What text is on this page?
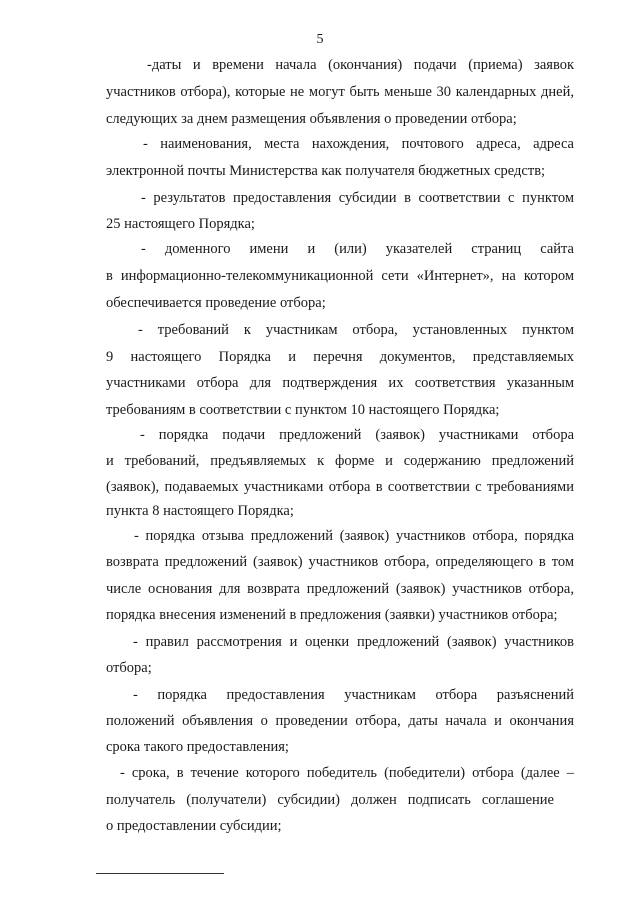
5
-даты и времени начала (окончания) подачи (приема) заявок
участников отбора), которые не могут быть меньше 30 календарных дней,
следующих за днем размещения объявления о проведении отбора;
- наименования, места нахождения, почтового адреса, адреса
электронной почты Министерства как получателя бюджетных средств;
- результатов предоставления субсидии в соответствии с пунктом
25 настоящего Порядка;
- доменного имени и (или) указателей страниц сайта
в информационно-телекоммуникационной сети «Интернет», на котором
обеспечивается проведение отбора;
- требований к участникам отбора, установленных пунктом
9 настоящего Порядка и перечня документов, представляемых
участниками отбора для подтверждения их соответствия указанным
требованиям в соответствии с пунктом 10 настоящего Порядка;
- порядка подачи предложений (заявок) участниками отбора
и требований, предъявляемых к форме и содержанию предложений
(заявок), подаваемых участниками отбора в соответствии с требованиями
пункта 8 настоящего Порядка;
- порядка отзыва предложений (заявок) участников отбора, порядка
возврата предложений (заявок) участников отбора, определяющего в том
числе основания для возврата предложений (заявок) участников отбора,
порядка внесения изменений в предложения (заявки) участников отбора;
- правил рассмотрения и оценки предложений (заявок) участников
отбора;
- порядка предоставления участникам отбора разъяснений
положений объявления о проведении отбора, даты начала и окончания
срока такого предоставления;
- срока, в течение которого победитель (победители) отбора (далее –
получатель (получатели) субсидии) должен подписать соглашение
о предоставлении субсидии;
